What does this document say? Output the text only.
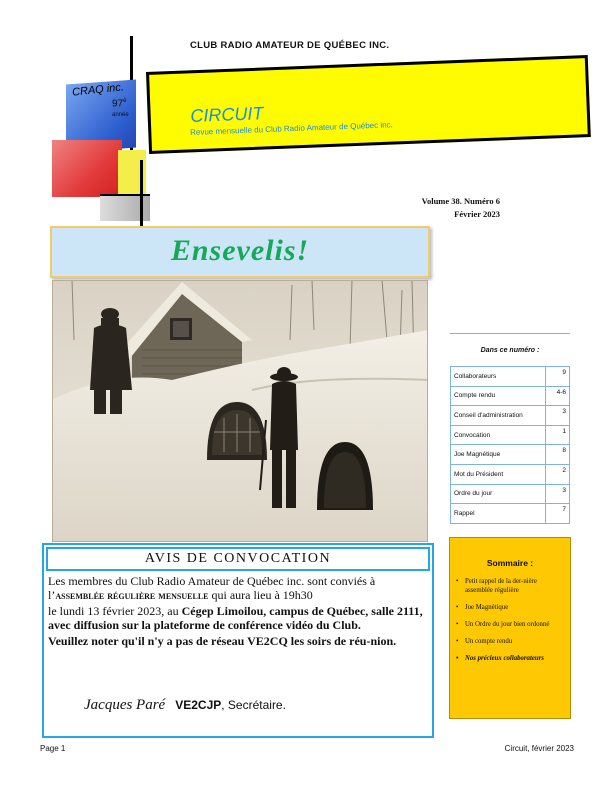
CLUB RADIO AMATEUR DE QUÉBEC INC.
CRAQ inc.
$97^è$
année	CIRCUIT
Revue mensuelle du Club Radio Amateur de Québec inc.
Volume 38. Numéro 6
Février 2023
Ensevelis!
Dans ce numéro :
Collaborateurs	9
Compte rendu	4-6
Conseil d'administration	3
Convocation	1
Joe Magnétique	8
Mot du Président	2
Ordre du jour	3
Rappel	7
Sommaire :
• Petit rappel de la der-nière assemblée régulière
• Joe Magnétique
• Un Ordre du jour bien ordonné
• Un compte rendu
• Nos précieux collaborateurs
AVIS DE CONVOCATION

Les membres du Club Radio Amateur de Québec inc. sont conviés à l’assemblée régulière mensuelle qui aura lieu à 19h30

le lundi 13 février 2023, au Cégep Limoilou, campus de Québec, salle 2111, avec diffusion sur la plateforme de conférence vidéo du Club.

Veuillez noter qu'il n'y a pas de réseau VE2CQ les soirs de réu-nion.

Jacques Paré VE2CJP, Secrétaire.
Page 1	Circuit, février 2023
